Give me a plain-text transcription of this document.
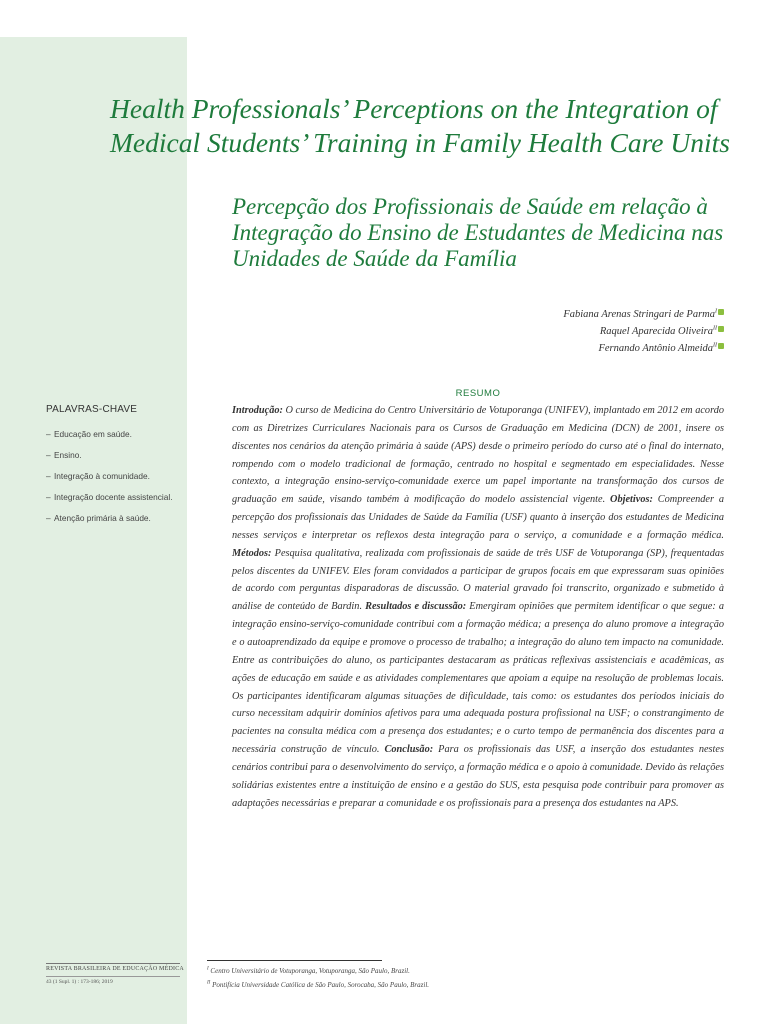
Health Professionals’ Perceptions on the Integration of Medical Students’ Training in Family Health Care Units
Percepção dos Profissionais de Saúde em relação à Integração do Ensino de Estudantes de Medicina nas Unidades de Saúde da Família
Fabiana Arenas Stringari de Parma$^I$
Raquel Aparecida Oliveira$^{II}$
Fernando Antônio Almeida$^{II}$
PALAVRAS-CHAVE
– Educação em saúde.
– Ensino.
– Integração à comunidade.
– Integração docente assistencial.
– Atenção primária à saúde.
RESUMO

Introdução: O curso de Medicina do Centro Universitário de Votuporanga (UNIFEV), implantado em 2012 em acordo com as Diretrizes Curriculares Nacionais para os Cursos de Graduação em Medicina (DCN) de 2001, insere os discentes nos cenários da atenção primária à saúde (APS) desde o primeiro período do curso até o final do internato, rompendo com o modelo tradicional de formação, centrado no hospital e segmentado em especialidades. Nesse contexto, a integração ensino-serviço-comunidade exerce um papel importante na transformação dos cursos de graduação em saúde, visando também à modificação do modelo assistencial vigente. Objetivos: Compreender a percepção dos profissionais das Unidades de Saúde da Família (USF) quanto à inserção dos estudantes de Medicina nesses serviços e interpretar os reflexos desta integração para o serviço, a comunidade e a formação médica. Métodos: Pesquisa qualitativa, realizada com profissionais de saúde de três USF de Votuporanga (SP), frequentadas pelos discentes da UNIFEV. Eles foram convidados a participar de grupos focais em que expressaram suas opiniões de acordo com perguntas disparadoras de discussão. O material gravado foi transcrito, organizado e submetido à análise de conteúdo de Bardin. Resultados e discussão: Emergiram opiniões que permitem identificar o que segue: a integração ensino-serviço-comunidade contribui com a formação médica; a presença do aluno promove a integração e o autoaprendizado da equipe e promove o processo de trabalho; a integração do aluno tem impacto na comunidade. Entre as contribuições do aluno, os participantes destacaram as práticas reflexivas assistenciais e acadêmicas, as ações de educação em saúde e as atividades complementares que apoiam a equipe na resolução de problemas locais. Os participantes identificaram algumas situações de dificuldade, tais como: os estudantes dos períodos iniciais do curso necessitam adquirir domínios afetivos para uma adequada postura profissional na USF; o constrangimento de pacientes na consulta médica com a presença dos estudantes; e o curto tempo de permanência dos discentes para a necessária construção de vínculo. Conclusão: Para os profissionais das USF, a inserção dos estudantes nestes cenários contribui para o desenvolvimento do serviço, a formação médica e o apoio à comunidade. Devido às relações solidárias existentes entre a instituição de ensino e a gestão do SUS, esta pesquisa pode contribuir para promover as adaptações necessárias e preparar a comunidade e os profissionais para a presença dos estudantes na APS.

REVISTA BRASILEIRA DE EDUCAÇÃO MÉDICA
43 (1 Supl. 1) : 173-186; 2019
$^I$ Centro Universitário de Votuporanga, Votuporanga, São Paulo, Brazil.
$^{II}$ Pontifícia Universidade Católica de São Paulo, Sorocaba, São Paulo, Brazil.
